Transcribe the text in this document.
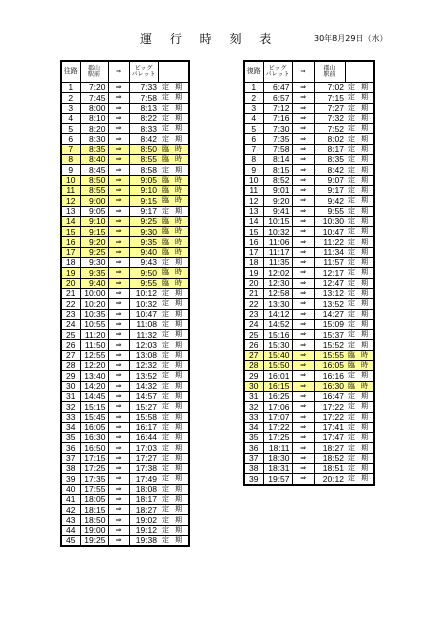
運 行 時 刻 表	30年8月29日（水）
往路	郡山
駅前	⇒	ビッグ
パレット	
1	7:20	⇒	7:33	定 期
2	7:45	⇒	7:58	定 期
3	8:00	⇒	8:13	定 期
4	8:10	⇒	8:22	定 期
5	8:20	⇒	8:33	定 期
6	8:30	⇒	8:42	定 期
7	8:35	⇒	8:50	臨 時
8	8:40	⇒	8:55	臨 時
9	8:45	⇒	8:58	定 期
10	8:50	⇒	9:05	臨 時
11	8:55	⇒	9:10	臨 時
12	9:00	⇒	9:15	臨 時
13	9:05	⇒	9:17	定 期
14	9:10	⇒	9:25	臨 時
15	9:15	⇒	9:30	臨 時
16	9:20	⇒	9:35	臨 時
17	9:25	⇒	9:40	臨 時
18	9:30	⇒	9:43	定 期
19	9:35	⇒	9:50	臨 時
20	9:40	⇒	9:55	臨 時
21	10:00	⇒	10:12	定 期
22	10:20	⇒	10:32	定 期
23	10:35	⇒	10:47	定 期
24	10:55	⇒	11:08	定 期
25	11:20	⇒	11:32	定 期
26	11:50	⇒	12:03	定 期
27	12:55	⇒	13:08	定 期
28	12:20	⇒	12:32	定 期
29	13:40	⇒	13:52	定 期
30	14:20	⇒	14:32	定 期
31	14:45	⇒	14:57	定 期
32	15:15	⇒	15:27	定 期
33	15:45	⇒	15:58	定 期
34	16:05	⇒	16:17	定 期
35	16:30	⇒	16:44	定 期
36	16:50	⇒	17:03	定 期
37	17:15	⇒	17:27	定 期
38	17:25	⇒	17:38	定 期
39	17:35	⇒	17:49	定 期
40	17:55	⇒	18:08	定 期
41	18:05	⇒	18:17	定 期
42	18:15	⇒	18:27	定 期
43	18:50	⇒	19:02	定 期
44	19:00	⇒	19:12	定 期
45	19:25	⇒	19:38	定 期
復路	ビッグ
パレット	⇒	郡山
駅前	
1	6:47	⇒	7:02	定 期
2	6:57	⇒	7:15	定 期
3	7:12	⇒	7:27	定 期
4	7:16	⇒	7:32	定 期
5	7:30	⇒	7:52	定 期
6	7:35	⇒	8:02	定 期
7	7:58	⇒	8:17	定 期
8	8:14	⇒	8:35	定 期
9	8:15	⇒	8:42	定 期
10	8:52	⇒	9:07	定 期
11	9:01	⇒	9:17	定 期
12	9:20	⇒	9:42	定 期
13	9:41	⇒	9:55	定 期
14	10:15	⇒	10:30	定 期
15	10:32	⇒	10:47	定 期
16	11:06	⇒	11:22	定 期
17	11:17	⇒	11:34	定 期
18	11:35	⇒	11:57	定 期
19	12:02	⇒	12:17	定 期
20	12:30	⇒	12:47	定 期
21	12:58	⇒	13:12	定 期
22	13:30	⇒	13:52	定 期
23	14:12	⇒	14:27	定 期
24	14:52	⇒	15:09	定 期
25	15:16	⇒	15:37	定 期
26	15:30	⇒	15:52	定 期
27	15:40	⇒	15:55	臨 時
28	15:50	⇒	16:05	臨 時
29	16:01	⇒	16:16	定 期
30	16:15	⇒	16:30	臨 時
31	16:25	⇒	16:47	定 期
32	17:06	⇒	17:22	定 期
33	17:07	⇒	17:22	定 期
34	17:22	⇒	17:41	定 期
35	17:25	⇒	17:47	定 期
36	18:11	⇒	18:27	定 期
37	18:30	⇒	18:52	定 期
38	18:31	⇒	18:51	定 期
39	19:57	⇒	20:12	定 期
